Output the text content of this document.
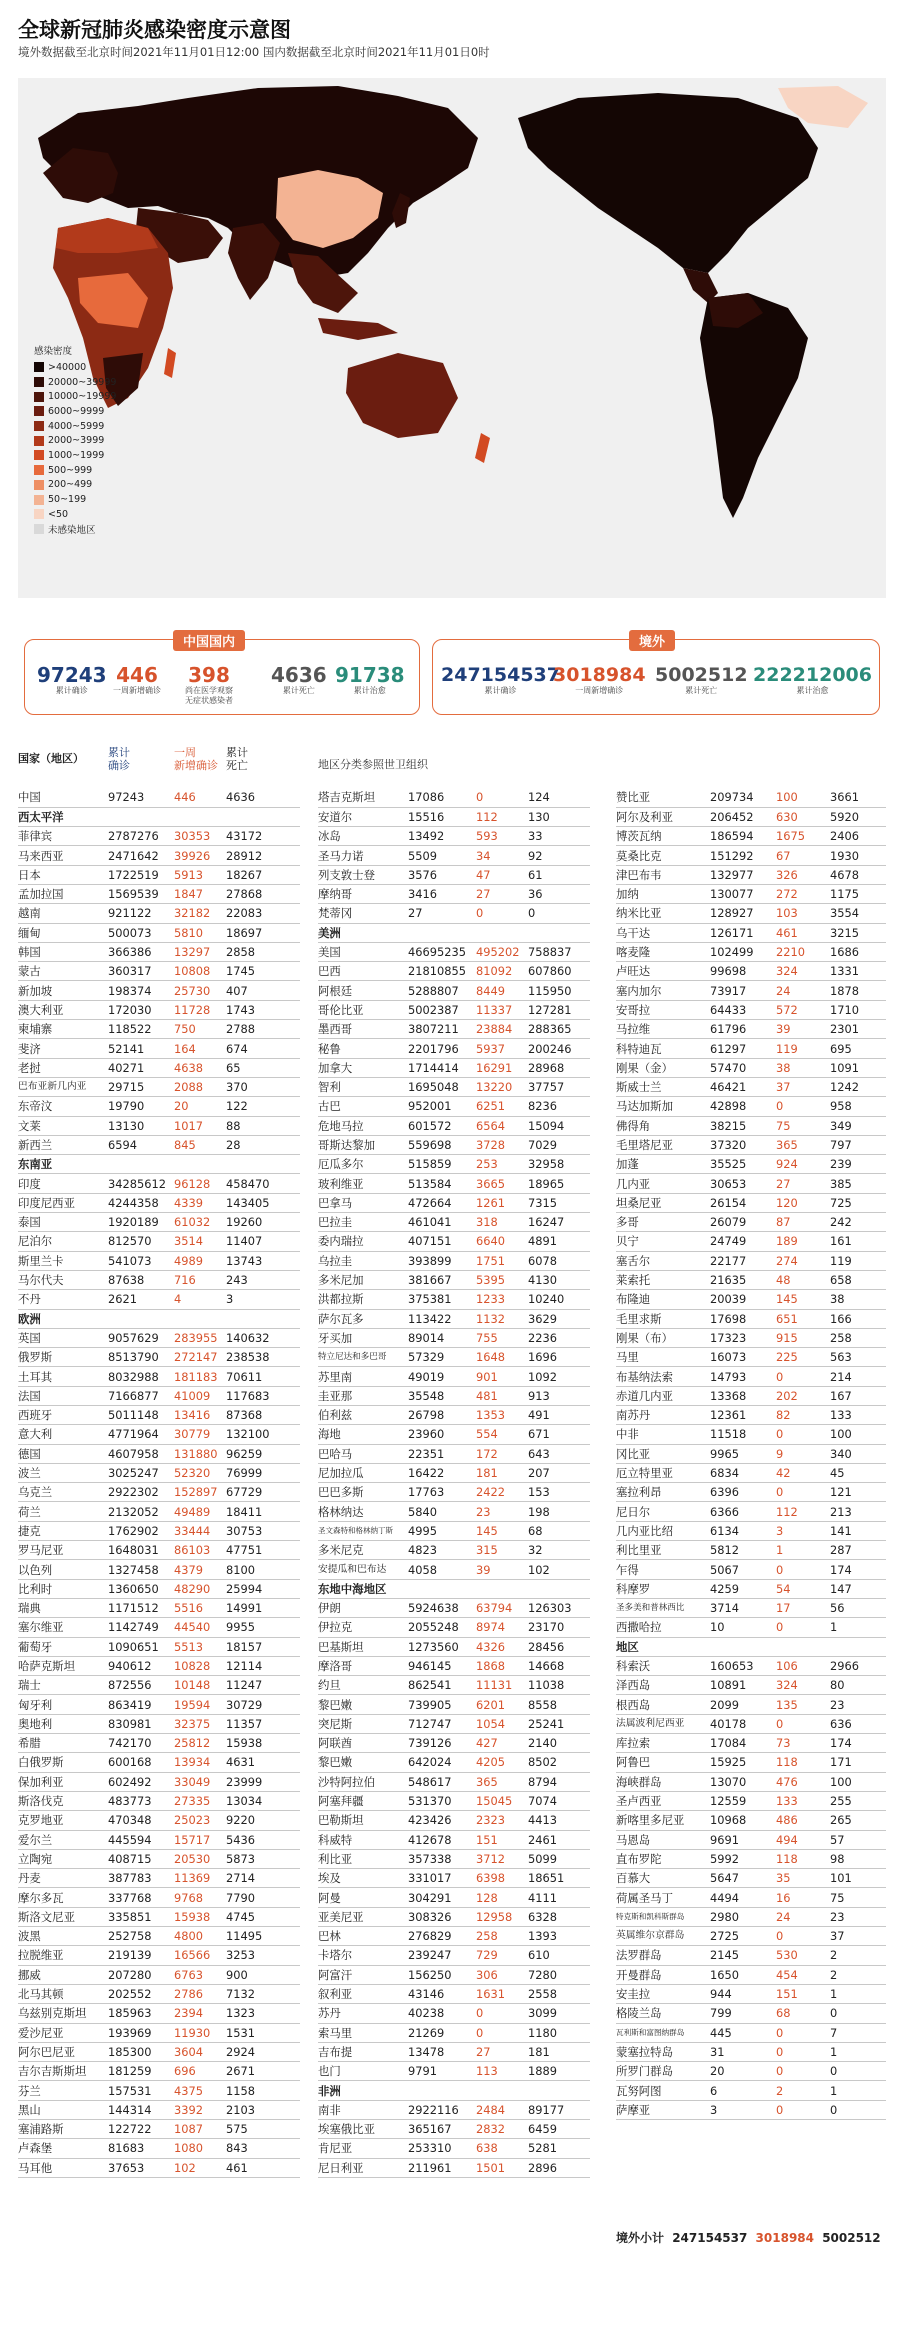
全球新冠肺炎感染密度示意图
境外数据截至北京时间2021年11月01日12:00 国内数据截至北京时间2021年11月01日0时
感染密度
>40000
20000~39999
10000~19999
6000~9999
4000~5999
2000~3999
1000~1999
500~999
200~499
50~199
<50
未感染地区
中国国内
97243
累计确诊
446
一周新增确诊
398
尚在医学观察
无症状感染者
4636
累计死亡
91738
累计治愈
境外
247154537
累计确诊
3018984
一周新增确诊
5002512
累计死亡
222212006
累计治愈
国家（地区）	累计
确诊
一周
新增确诊
累计
死亡	地区分类参照世卫组织
中国	97243	446	4636
西太平洋			
菲律宾	2787276	30353	43172
马来西亚	2471642	39926	28912
日本	1722519	5913	18267
孟加拉国	1569539	1847	27868
越南	921122	32182	22083
缅甸	500073	5810	18697
韩国	366386	13297	2858
蒙古	360317	10808	1745
新加坡	198374	25730	407
澳大利亚	172030	11728	1743
柬埔寨	118522	750	2788
斐济	52141	164	674
老挝	40271	4638	65
巴布亚新几内亚	29715	2088	370
东帝汶	19790	20	122
文莱	13130	1017	88
新西兰	6594	845	28
东南亚			
印度	34285612	96128	458470
印度尼西亚	4244358	4339	143405
泰国	1920189	61032	19260
尼泊尔	812570	3514	11407
斯里兰卡	541073	4989	13743
马尔代夫	87638	716	243
不丹	2621	4	3
欧洲			
英国	9057629	283955	140632
俄罗斯	8513790	272147	238538
土耳其	8032988	181183	70611
法国	7166877	41009	117683
西班牙	5011148	13416	87368
意大利	4771964	30779	132100
德国	4607958	131880	96259
波兰	3025247	52320	76999
乌克兰	2922302	152897	67729
荷兰	2132052	49489	18411
捷克	1762902	33444	30753
罗马尼亚	1648031	86103	47751
以色列	1327458	4379	8100
比利时	1360650	48290	25994
瑞典	1171512	5516	14991
塞尔维亚	1142749	44540	9955
葡萄牙	1090651	5513	18157
哈萨克斯坦	940612	10828	12114
瑞士	872556	10148	11247
匈牙利	863419	19594	30729
奥地利	830981	32375	11357
希腊	742170	25812	15938
白俄罗斯	600168	13934	4631
保加利亚	602492	33049	23999
斯洛伐克	483773	27335	13034
克罗地亚	470348	25023	9220
爱尔兰	445594	15717	5436
立陶宛	408715	20530	5873
丹麦	387783	11369	2714
摩尔多瓦	337768	9768	7790
斯洛文尼亚	335851	15938	4745
波黑	252758	4800	11495
拉脱维亚	219139	16566	3253
挪威	207280	6763	900
北马其顿	202552	2786	7132
乌兹别克斯坦	185963	2394	1323
爱沙尼亚	193969	11930	1531
阿尔巴尼亚	185300	3604	2924
吉尔吉斯斯坦	181259	696	2671
芬兰	157531	4375	1158
黑山	144314	3392	2103
塞浦路斯	122722	1087	575
卢森堡	81683	1080	843
马耳他	37653	102	461
塔吉克斯坦	17086	0	124
安道尔	15516	112	130
冰岛	13492	593	33
圣马力诺	5509	34	92
列支敦士登	3576	47	61
摩纳哥	3416	27	36
梵蒂冈	27	0	0
美洲			
美国	46695235	495202	758837
巴西	21810855	81092	607860
阿根廷	5288807	8449	115950
哥伦比亚	5002387	11337	127281
墨西哥	3807211	23884	288365
秘鲁	2201796	5937	200246
加拿大	1714414	16291	28968
智利	1695048	13220	37757
古巴	952001	6251	8236
危地马拉	601572	6564	15094
哥斯达黎加	559698	3728	7029
厄瓜多尔	515859	253	32958
玻利维亚	513584	3665	18965
巴拿马	472664	1261	7315
巴拉圭	461041	318	16247
委内瑞拉	407151	6640	4891
乌拉圭	393899	1751	6078
多米尼加	381667	5395	4130
洪都拉斯	375381	1233	10240
萨尔瓦多	113422	1132	3629
牙买加	89014	755	2236
特立尼达和多巴哥	57329	1648	1696
苏里南	49019	901	1092
圭亚那	35548	481	913
伯利兹	26798	1353	491
海地	23960	554	671
巴哈马	22351	172	643
尼加拉瓜	16422	181	207
巴巴多斯	17763	2422	153
格林纳达	5840	23	198
圣文森特和格林纳丁斯	4995	145	68
多米尼克	4823	315	32
安提瓜和巴布达	4058	39	102
东地中海地区			
伊朗	5924638	63794	126303
伊拉克	2055248	8974	23170
巴基斯坦	1273560	4326	28456
摩洛哥	946145	1868	14668
约旦	862541	11131	11038
黎巴嫩	739905	6201	8558
突尼斯	712747	1054	25241
阿联酋	739126	427	2140
黎巴嫩	642024	4205	8502
沙特阿拉伯	548617	365	8794
阿塞拜疆	531370	15045	7074
巴勒斯坦	423426	2323	4413
科威特	412678	151	2461
利比亚	357338	3712	5099
埃及	331017	6398	18651
阿曼	304291	128	4111
亚美尼亚	308326	12958	6328
巴林	276829	258	1393
卡塔尔	239247	729	610
阿富汗	156250	306	7280
叙利亚	43146	1631	2558
苏丹	40238	0	3099
索马里	21269	0	1180
吉布提	13478	27	181
也门	9791	113	1889
非洲			
南非	2922116	2484	89177
埃塞俄比亚	365167	2832	6459
肯尼亚	253310	638	5281
尼日利亚	211961	1501	2896
赞比亚	209734	100	3661
阿尔及利亚	206452	630	5920
博茨瓦纳	186594	1675	2406
莫桑比克	151292	67	1930
津巴布韦	132977	326	4678
加纳	130077	272	1175
纳米比亚	128927	103	3554
乌干达	126171	461	3215
喀麦隆	102499	2210	1686
卢旺达	99698	324	1331
塞内加尔	73917	24	1878
安哥拉	64433	572	1710
马拉维	61796	39	2301
科特迪瓦	61297	119	695
刚果（金）	57470	38	1091
斯威士兰	46421	37	1242
马达加斯加	42898	0	958
佛得角	38215	75	349
毛里塔尼亚	37320	365	797
加蓬	35525	924	239
几内亚	30653	27	385
坦桑尼亚	26154	120	725
多哥	26079	87	242
贝宁	24749	189	161
塞舌尔	22177	274	119
莱索托	21635	48	658
布隆迪	20039	145	38
毛里求斯	17698	651	166
刚果（布）	17323	915	258
马里	16073	225	563
布基纳法索	14793	0	214
赤道几内亚	13368	202	167
南苏丹	12361	82	133
中非	11518	0	100
冈比亚	9965	9	340
厄立特里亚	6834	42	45
塞拉利昂	6396	0	121
尼日尔	6366	112	213
几内亚比绍	6134	3	141
利比里亚	5812	1	287
乍得	5067	0	174
科摩罗	4259	54	147
圣多美和普林西比	3714	17	56
西撒哈拉	10	0	1
地区			
科索沃	160653	106	2966
泽西岛	10891	324	80
根西岛	2099	135	23
法属波利尼西亚	40178	0	636
库拉索	17084	73	174
阿鲁巴	15925	118	171
海峡群岛	13070	476	100
圣卢西亚	12559	133	255
新喀里多尼亚	10968	486	265
马恩岛	9691	494	57
直布罗陀	5992	118	98
百慕大	5647	35	101
荷属圣马丁	4494	16	75
特克斯和凯科斯群岛	2980	24	23
英属维尔京群岛	2725	0	37
法罗群岛	2145	530	2
开曼群岛	1650	454	2
安圭拉	944	151	1
格陵兰岛	799	68	0
瓦利斯和富图纳群岛	445	0	7
蒙塞拉特岛	31	0	1
所罗门群岛	20	0	0
瓦努阿图	6	2	1
萨摩亚	3	0	0
境外小计 247154537 3018984 5002512
